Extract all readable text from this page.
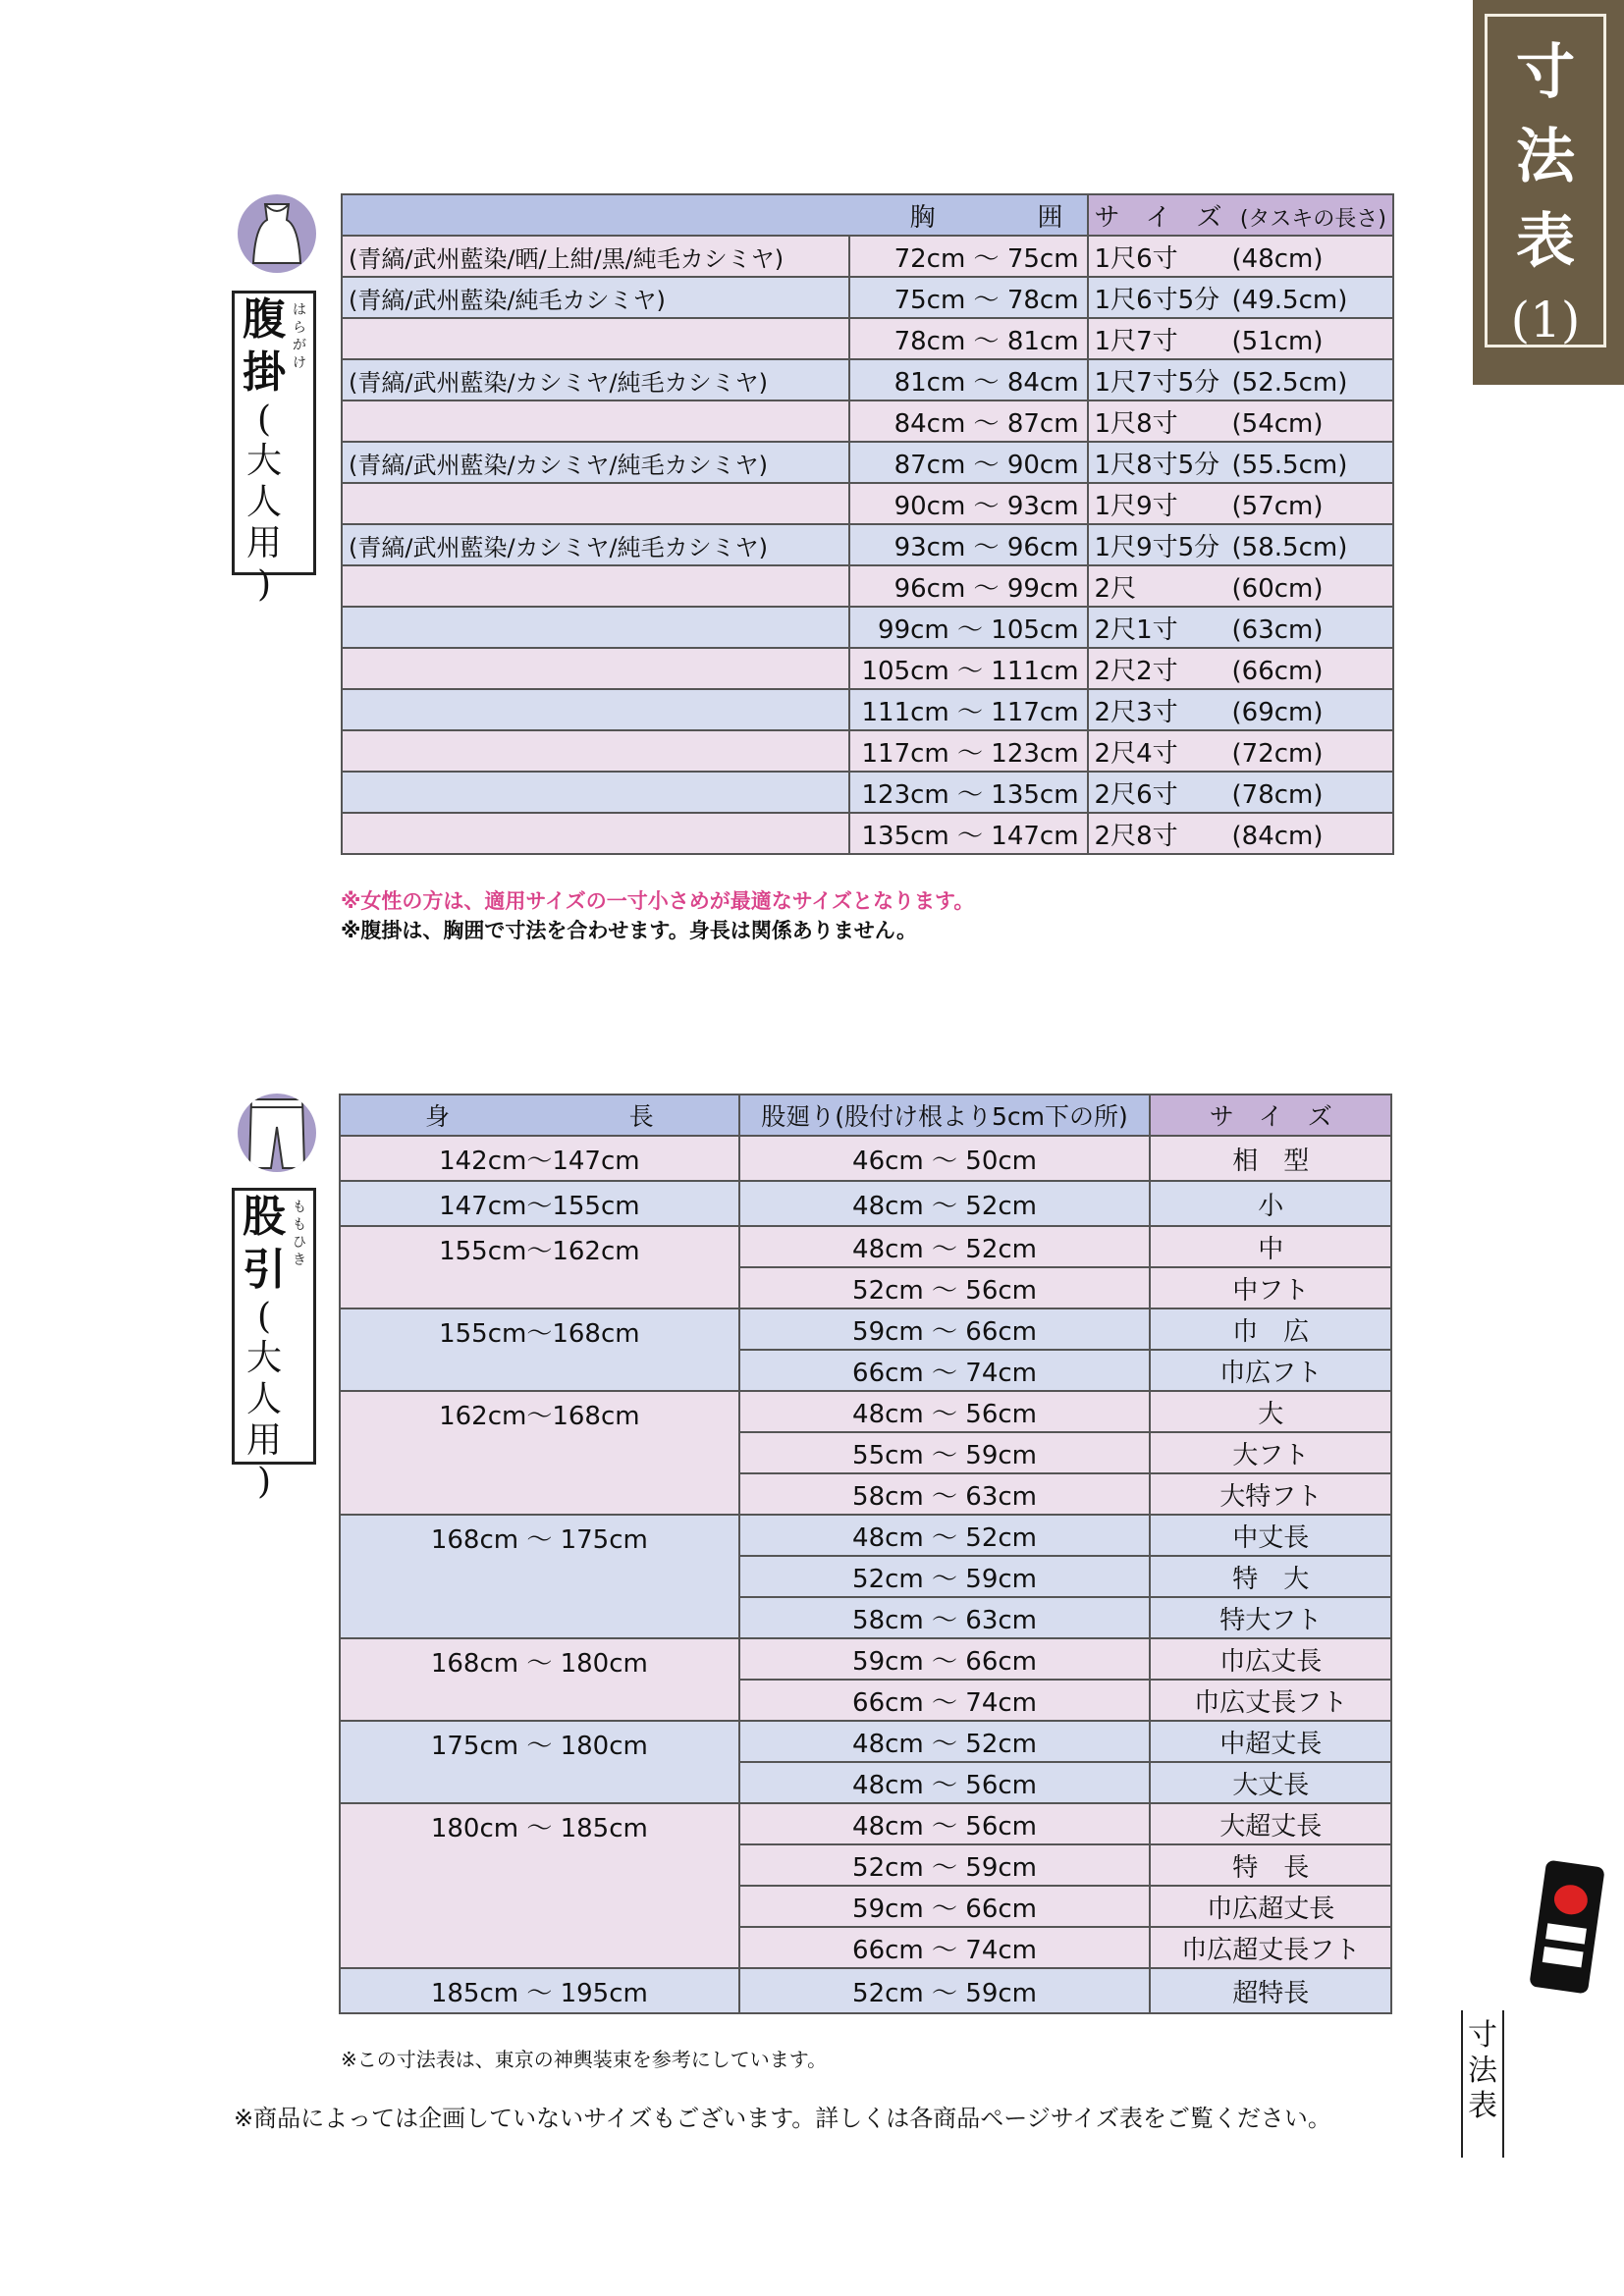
寸
法
表
(1)
腹
掛
(
大
人
用
)
は
ら
が
け
胸　　　　囲		サ　イ　ズ (タスキの長さ)
(青縞/武州藍染/晒/上紺/黒/純毛カシミヤ)	72cm ～ 75cm	1尺6寸 (48cm)
(青縞/武州藍染/純毛カシミヤ)	75cm ～ 78cm	1尺6寸5分 (49.5cm)
	78cm ～ 81cm	1尺7寸 (51cm)
(青縞/武州藍染/カシミヤ/純毛カシミヤ)	81cm ～ 84cm	1尺7寸5分 (52.5cm)
	84cm ～ 87cm	1尺8寸 (54cm)
(青縞/武州藍染/カシミヤ/純毛カシミヤ)	87cm ～ 90cm	1尺8寸5分 (55.5cm)
	90cm ～ 93cm	1尺9寸 (57cm)
(青縞/武州藍染/カシミヤ/純毛カシミヤ)	93cm ～ 96cm	1尺9寸5分 (58.5cm)
	96cm ～ 99cm	2尺 (60cm)
	99cm ～ 105cm	2尺1寸 (63cm)
	105cm ～ 111cm	2尺2寸 (66cm)
	111cm ～ 117cm	2尺3寸 (69cm)
	117cm ～ 123cm	2尺4寸 (72cm)
	123cm ～ 135cm	2尺6寸 (78cm)
	135cm ～ 147cm	2尺8寸 (84cm)
※女性の方は、適用サイズの一寸小さめが最適なサイズとなります。
※腹掛は、胸囲で寸法を合わせます。身長は関係ありません。
股
引
(
大
人
用
)
も
も
ひ
き
身 長	股廻り(股付け根より5cm下の所)	サ　イ　ズ
142cm～147cm	46cm ～ 50cm	相　型
147cm～155cm	48cm ～ 52cm	小
155cm～162cm	48cm ～ 52cm	中
	52cm ～ 56cm	中フト
155cm～168cm	59cm ～ 66cm	巾　広
	66cm ～ 74cm	巾広フト
162cm～168cm	48cm ～ 56cm	大
	55cm ～ 59cm	大フト
	58cm ～ 63cm	大特フト
168cm ～ 175cm	48cm ～ 52cm	中丈長
	52cm ～ 59cm	特　大
	58cm ～ 63cm	特大フト
168cm ～ 180cm	59cm ～ 66cm	巾広丈長
	66cm ～ 74cm	巾広丈長フト
175cm ～ 180cm	48cm ～ 52cm	中超丈長
	48cm ～ 56cm	大丈長
180cm ～ 185cm	48cm ～ 56cm	大超丈長
	52cm ～ 59cm	特　長
	59cm ～ 66cm	巾広超丈長
	66cm ～ 74cm	巾広超丈長フト
185cm ～ 195cm	52cm ～ 59cm	超特長
※この寸法表は、東京の神輿装束を参考にしています。
※商品によっては企画していないサイズもございます。詳しくは各商品ページサイズ表をご覧ください。
寸
法
表
